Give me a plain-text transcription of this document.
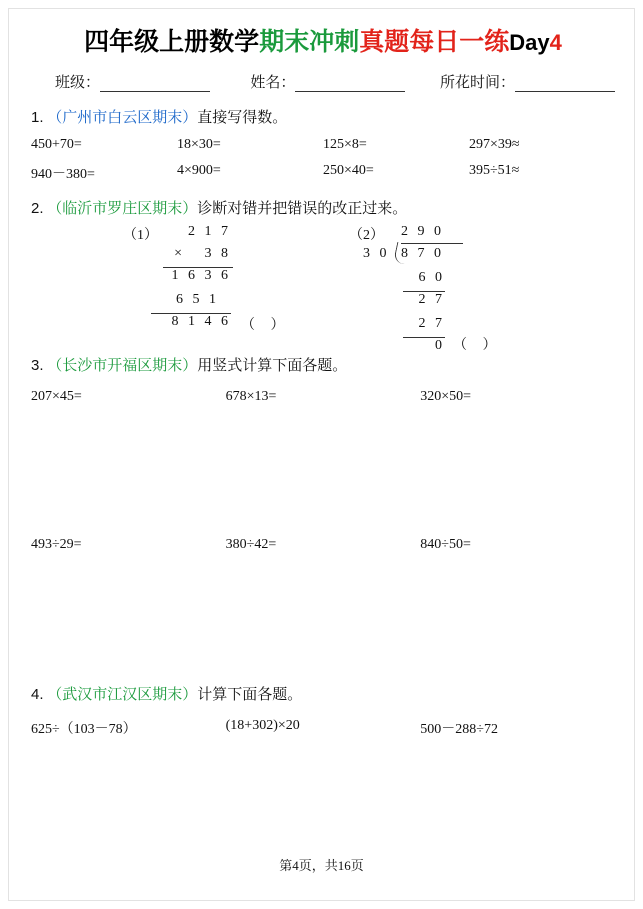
四年级上册数学期末冲刺真题每日一练Day4
班级：	姓名：	所花时间：
1. （广州市白云区期末）直接写得数。
450+70=	18×30=	125×8=	297×39≈
940－380=	4×900=	250×40=	395÷51≈
2. （临沂市罗庄区期末）诊断对错并把错误的改正过来。
（1）	2 1 7
×   3 8
1 6 3 6
6 5 1
8 1 4 6 （ ）
（2） 2 9 0
3 0 8 7 0
6 0
2 7
2 7
0 （ ）
3. （长沙市开福区期末）用竖式计算下面各题。
207×45=	678×13=	320×50=
493÷29=	380÷42=	840÷50=
4. （武汉市江汉区期末）计算下面各题。
625÷（103－78）	(18+302)×20	500－288÷72
第4页，共16页
